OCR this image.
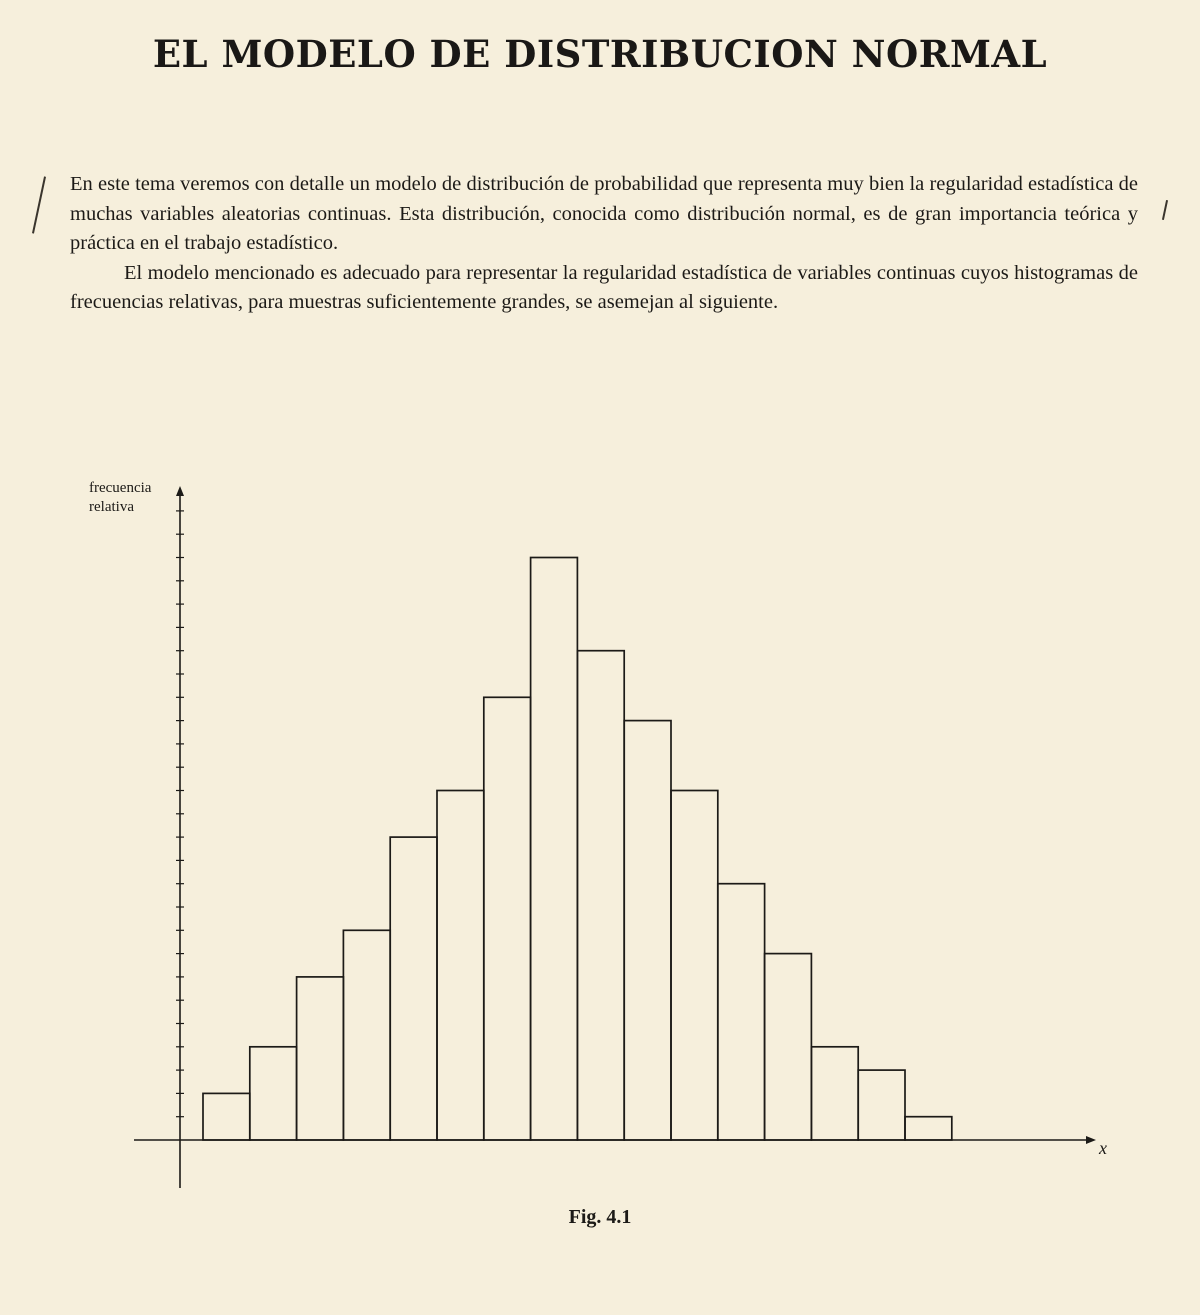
EL MODELO DE DISTRIBUCION NORMAL

En este tema veremos con detalle un modelo de distribución de probabilidad que representa muy bien la regularidad estadística de muchas variables aleatorias continuas. Esta distribución, conocida como distribución normal, es de gran importancia teórica y práctica en el trabajo estadístico.

El modelo mencionado es adecuado para representar la regularidad estadística de variables continuas cuyos histogramas de frecuencias relativas, para muestras suficientemente grandes, se asemejan al siguiente.

frecuencia
relativa
x
Fig. 4.1
